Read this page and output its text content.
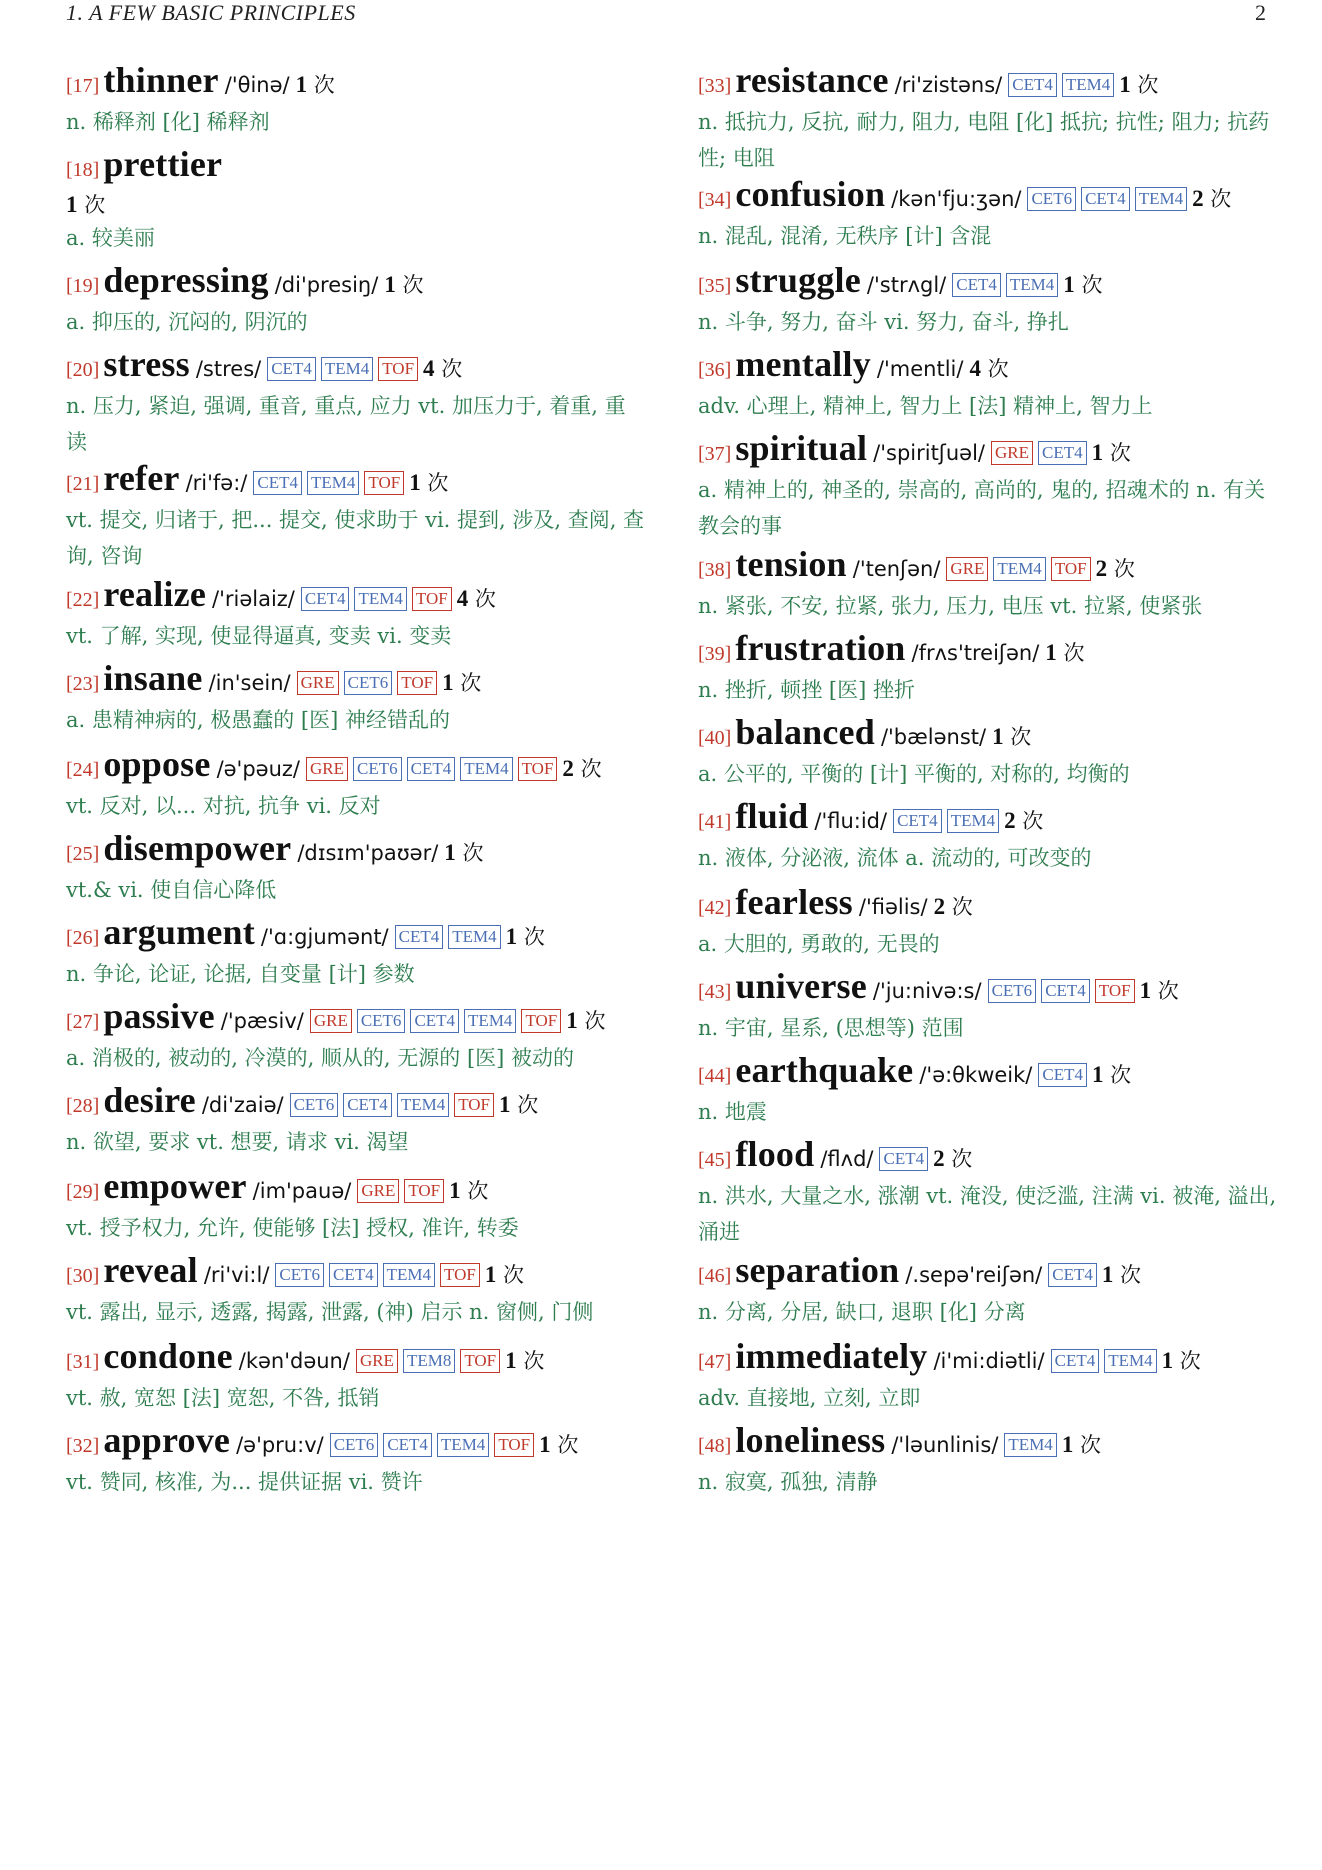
1. A FEW BASIC PRINCIPLES	2
[17] thinner /'θinə/ 1 次
n. 稀释剂 [化] 稀释剂
[18] prettier
1 次
a. 较美丽
[19] depressing /di'presiŋ/ 1 次
a. 抑压的, 沉闷的, 阴沉的
[20] stress /stres/ CET4 TEM4 TOF 4 次
n. 压力, 紧迫, 强调, 重音, 重点, 应力 vt. 加压力于, 着重, 重读
[21] refer /ri'fə:/ CET4 TEM4 TOF 1 次
vt. 提交, 归诸于, 把... 提交, 使求助于 vi. 提到, 涉及, 查阅, 查询, 咨询
[22] realize /'riəlaiz/ CET4 TEM4 TOF 4 次
vt. 了解, 实现, 使显得逼真, 变卖 vi. 变卖
[23] insane /in'sein/ GRE CET6 TOF 1 次
a. 患精神病的, 极愚蠢的 [医] 神经错乱的
[24] oppose /ə'pəuz/ GRE CET6 CET4 TEM4 TOF 2 次
vt. 反对, 以... 对抗, 抗争 vi. 反对
[25] disempower /dɪsɪm'paʊər/ 1 次
vt.& vi. 使自信心降低
[26] argument /'ɑ:gjumənt/ CET4 TEM4 1 次
n. 争论, 论证, 论据, 自变量 [计] 参数
[27] passive /'pæsiv/ GRE CET6 CET4 TEM4 TOF 1 次
a. 消极的, 被动的, 冷漠的, 顺从的, 无源的 [医] 被动的
[28] desire /di'zaiə/ CET6 CET4 TEM4 TOF 1 次
n. 欲望, 要求 vt. 想要, 请求 vi. 渴望
[29] empower /im'pauə/ GRE TOF 1 次
vt. 授予权力, 允许, 使能够 [法] 授权, 准许, 转委
[30] reveal /ri'vi:l/ CET6 CET4 TEM4 TOF 1 次
vt. 露出, 显示, 透露, 揭露, 泄露, (神) 启示 n. 窗侧, 门侧
[31] condone /kən'dəun/ GRE TEM8 TOF 1 次
vt. 赦, 宽恕 [法] 宽恕, 不咎, 抵销
[32] approve /ə'pru:v/ CET6 CET4 TEM4 TOF 1 次
vt. 赞同, 核准, 为... 提供证据 vi. 赞许
[33] resistance /ri'zistəns/ CET4 TEM4 1 次
n. 抵抗力, 反抗, 耐力, 阻力, 电阻 [化] 抵抗; 抗性; 阻力; 抗药性; 电阻
[34] confusion /kən'fju:ʒən/ CET6 CET4 TEM4 2 次
n. 混乱, 混淆, 无秩序 [计] 含混
[35] struggle /'strʌgl/ CET4 TEM4 1 次
n. 斗争, 努力, 奋斗 vi. 努力, 奋斗, 挣扎
[36] mentally /'mentli/ 4 次
adv. 心理上, 精神上, 智力上 [法] 精神上, 智力上
[37] spiritual /'spiritʃuəl/ GRE CET4 1 次
a. 精神上的, 神圣的, 崇高的, 高尚的, 鬼的, 招魂术的 n. 有关教会的事
[38] tension /'tenʃən/ GRE TEM4 TOF 2 次
n. 紧张, 不安, 拉紧, 张力, 压力, 电压 vt. 拉紧, 使紧张
[39] frustration /frʌs'treiʃən/ 1 次
n. 挫折, 顿挫 [医] 挫折
[40] balanced /'bælənst/ 1 次
a. 公平的, 平衡的 [计] 平衡的, 对称的, 均衡的
[41] fluid /'flu:id/ CET4 TEM4 2 次
n. 液体, 分泌液, 流体 a. 流动的, 可改变的
[42] fearless /'fiəlis/ 2 次
a. 大胆的, 勇敢的, 无畏的
[43] universe /'ju:nivə:s/ CET6 CET4 TOF 1 次
n. 宇宙, 星系, (思想等) 范围
[44] earthquake /'ə:θkweik/ CET4 1 次
n. 地震
[45] flood /flʌd/ CET4 2 次
n. 洪水, 大量之水, 涨潮 vt. 淹没, 使泛滥, 注满 vi. 被淹, 溢出, 涌进
[46] separation /.sepə'reiʃən/ CET4 1 次
n. 分离, 分居, 缺口, 退职 [化] 分离
[47] immediately /i'mi:diətli/ CET4 TEM4 1 次
adv. 直接地, 立刻, 立即
[48] loneliness /'ləunlinis/ TEM4 1 次
n. 寂寞, 孤独, 清静
